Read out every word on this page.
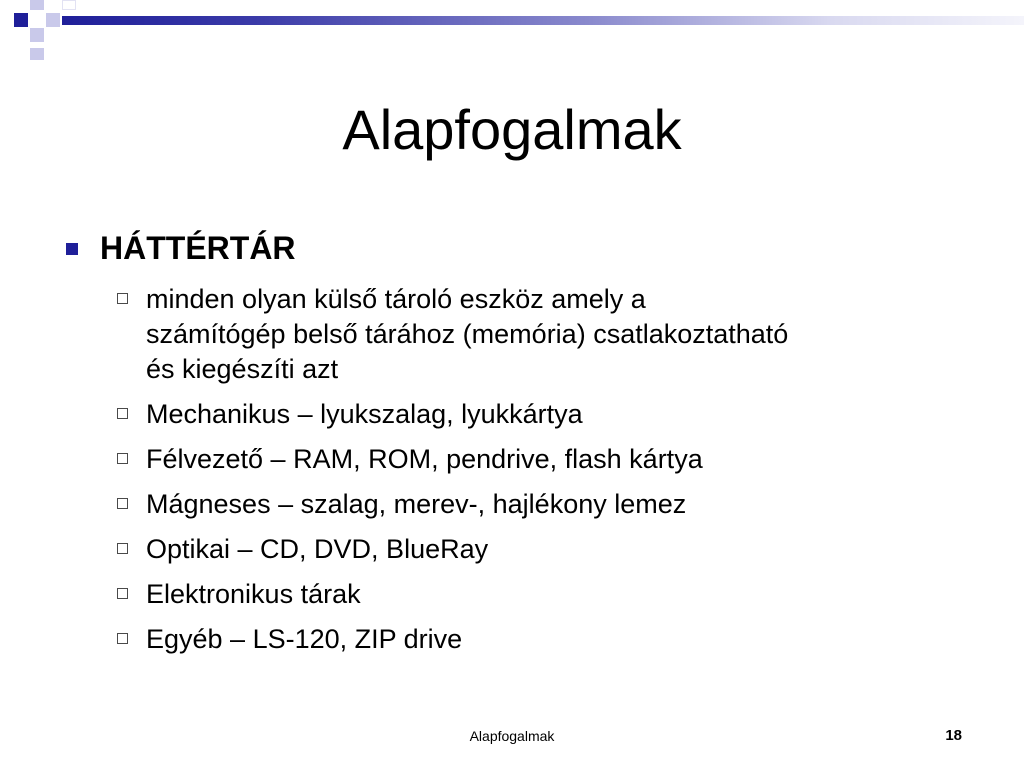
Alapfogalmak
HÁTTÉRTÁR
minden olyan külső tároló eszköz amely a
számítógép belső tárához (memória) csatlakoztatható
és kiegészíti azt
Mechanikus – lyukszalag, lyukkártya
Félvezető – RAM, ROM, pendrive, flash kártya
Mágneses – szalag, merev-, hajlékony lemez
Optikai – CD, DVD, BlueRay
Elektronikus tárak
Egyéb – LS-120, ZIP drive
Alapfogalmak	18
